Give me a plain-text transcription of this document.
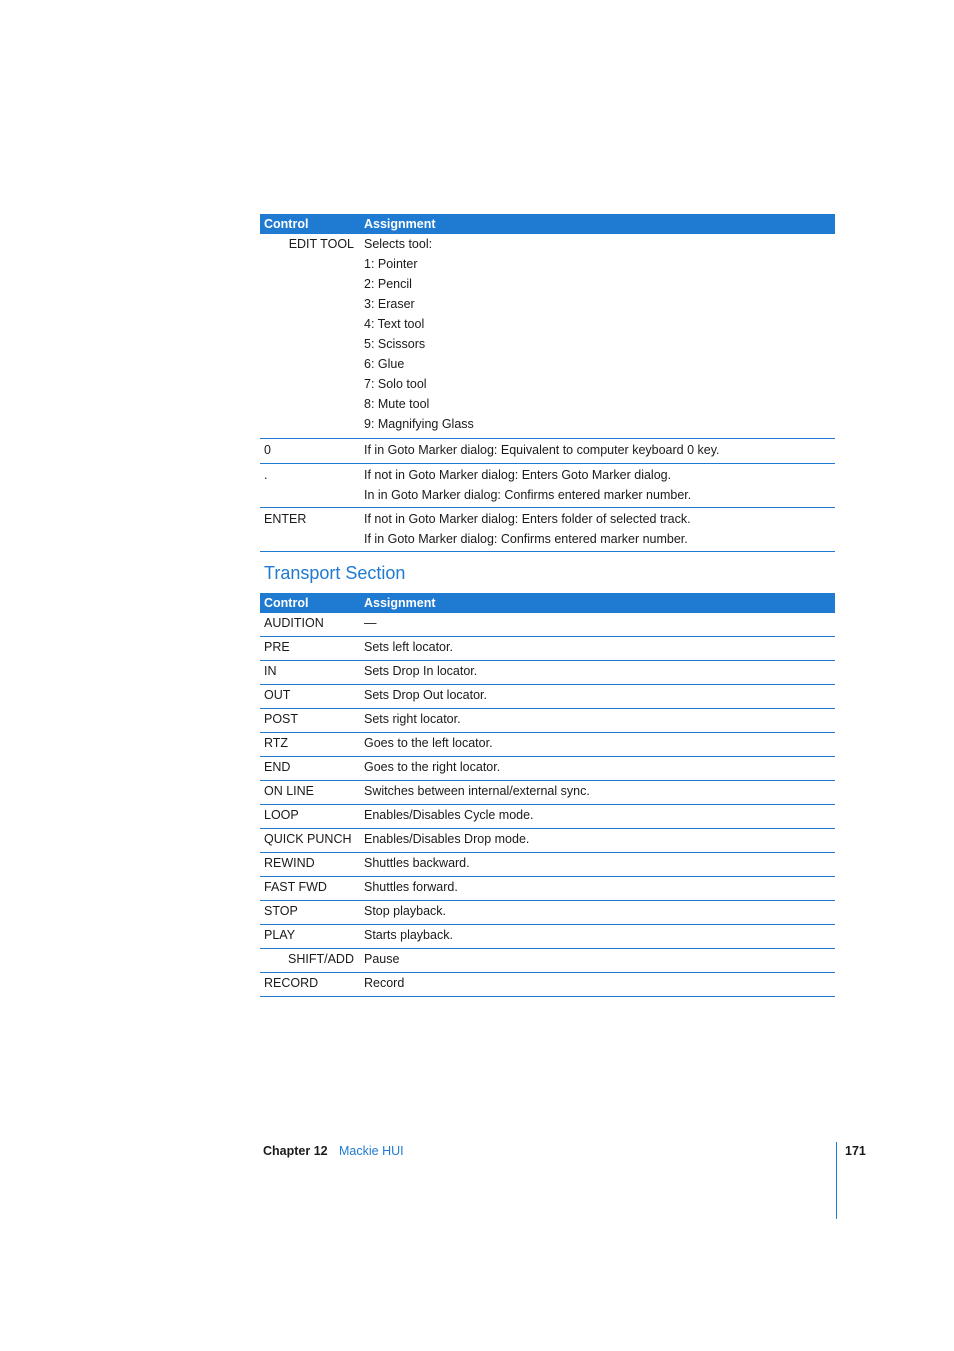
Control	Assignment
EDIT TOOL Selects tool:
1: Pointer
2: Pencil
3: Eraser
4: Text tool
5: Scissors
6: Glue
7: Solo tool
8: Mute tool
9: Magnifying Glass
0	If in Goto Marker dialog: Equivalent to computer keyboard 0 key.
.	If not in Goto Marker dialog: Enters Goto Marker dialog.
In in Goto Marker dialog: Confirms entered marker number.
ENTER	If not in Goto Marker dialog: Enters folder of selected track.
If in Goto Marker dialog: Confirms entered marker number.
Transport Section
Control	Assignment
AUDITION	—
PRE	Sets left locator.
IN	Sets Drop In locator.
OUT	Sets Drop Out locator.
POST	Sets right locator.
RTZ	Goes to the left locator.
END	Goes to the right locator.
ON LINE	Switches between internal/external sync.
LOOP	Enables/Disables Cycle mode.
QUICK PUNCH Enables/Disables Drop mode.
REWIND	Shuttles backward.
FAST FWD	Shuttles forward.
STOP	Stop playback.
PLAY	Starts playback.
SHIFT/ADD Pause
RECORD	Record
Chapter 12 Mackie HUI	171
